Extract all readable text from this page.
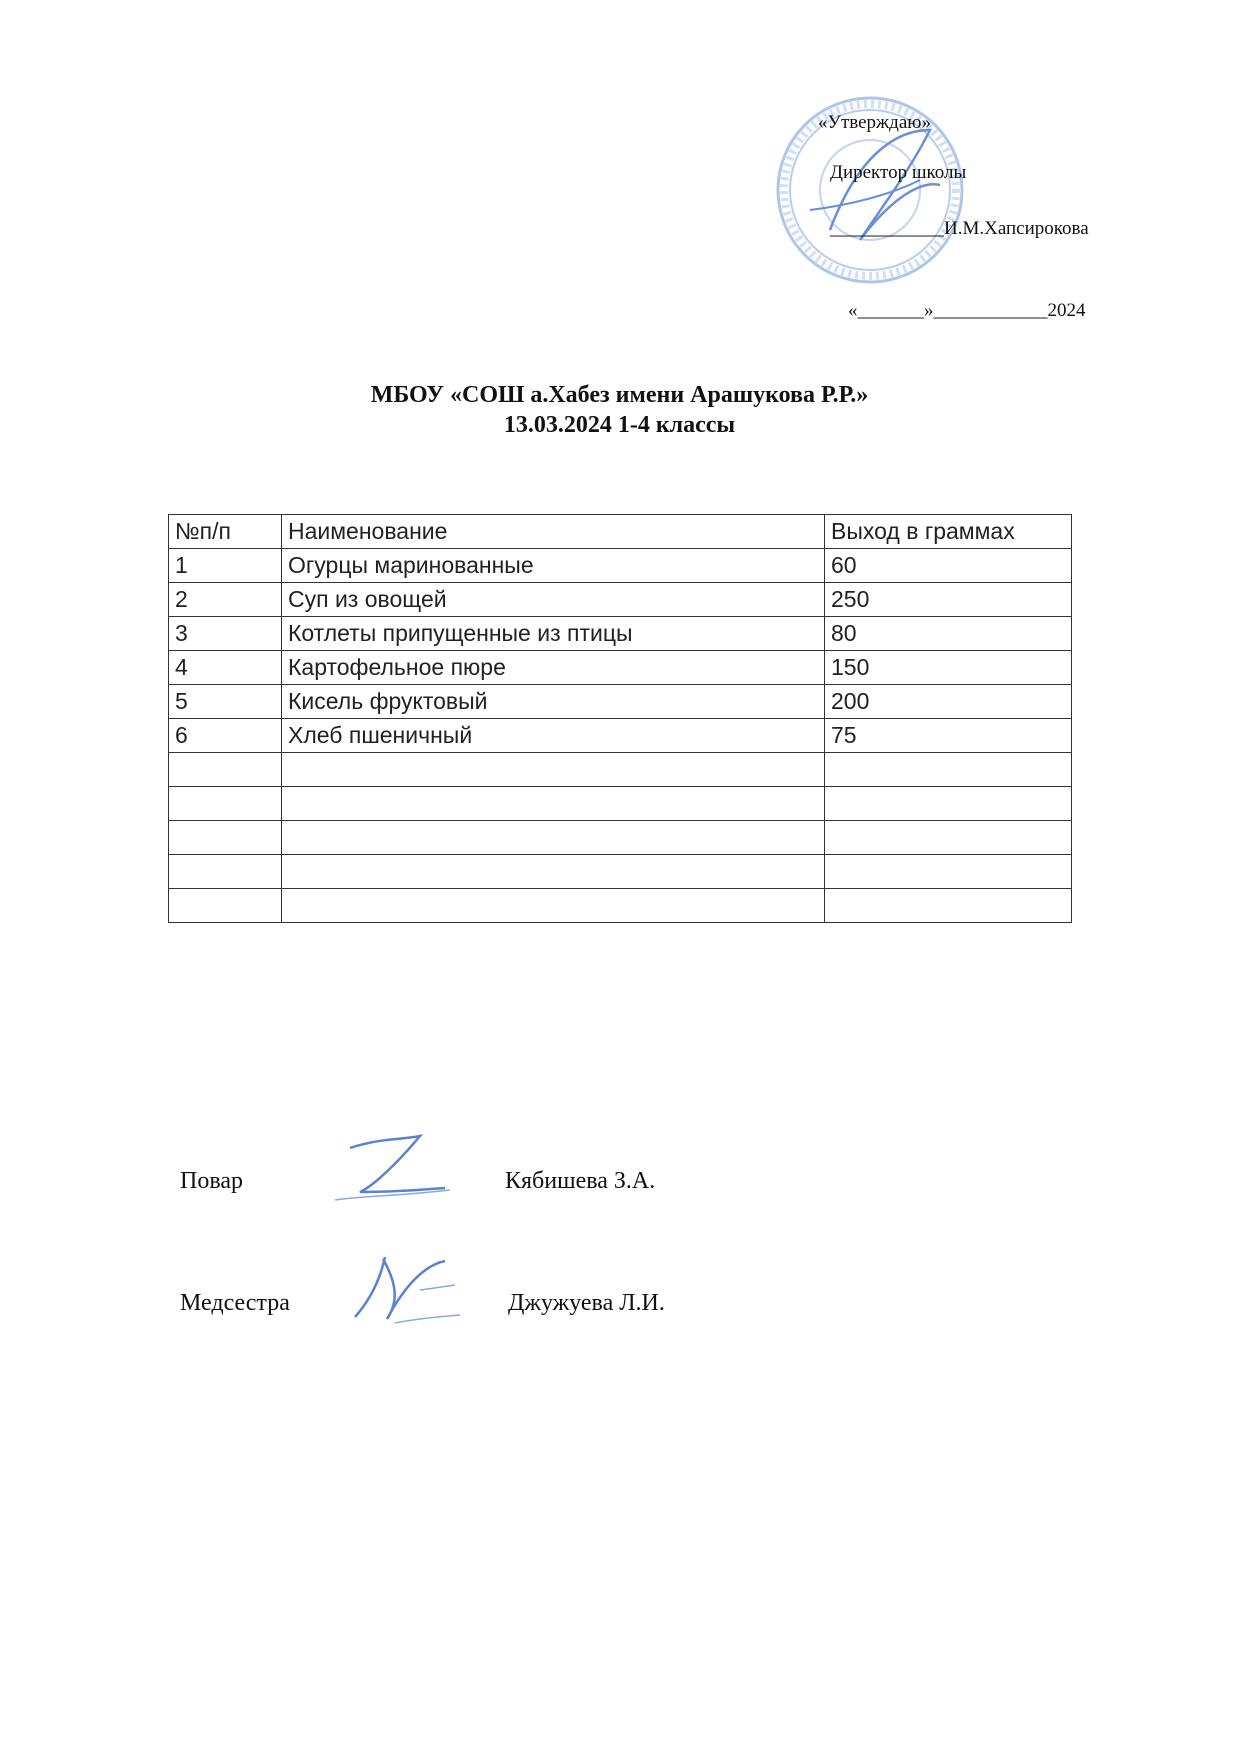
«Утверждаю»
Директор школы
____________И.М.Хапсирокова
«_______»____________2024
МБОУ «СОШ а.Хабез имени Арашукова Р.Р.»
13.03.2024 1-4 классы
№п/п	Наименование	Выход в граммах
1	Огурцы маринованные	60
2	Суп из овощей	250
3	Котлеты припущенные из птицы	80
4	Картофельное пюре	150
5	Кисель фруктовый	200
6	Хлеб пшеничный	75

Повар	Кябишева З.А.
Медсестра	Джужуева Л.И.
